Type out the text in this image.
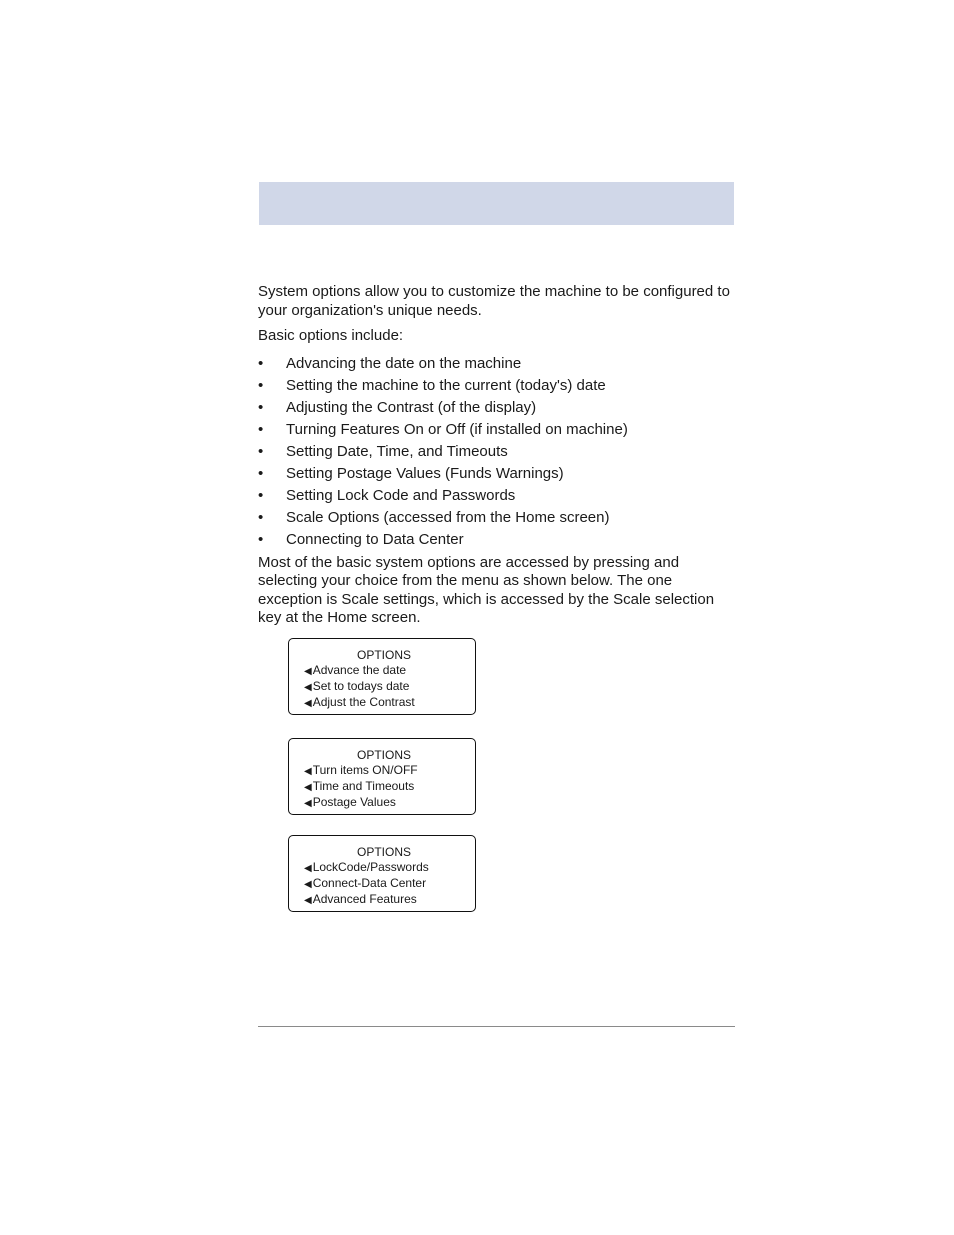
System options allow you to customize the machine to be configured to your organization's unique needs.

Basic options include:

• Advancing the date on the machine
• Setting the machine to the current (today's) date
• Adjusting the Contrast (of the display)
• Turning Features On or Off (if installed on machine)
• Setting Date, Time, and Timeouts
• Setting Postage Values (Funds Warnings)
• Setting Lock Code and Passwords
• Scale Options (accessed from the Home screen)
• Connecting to Data Center

Most of the basic system options are accessed by pressing and selecting your choice from the menu as shown below. The one exception is Scale settings, which is accessed by the Scale selection key at the Home screen.

OPTIONS
◀Advance the date
◀Set to todays date
◀Adjust the Contrast
OPTIONS
◀Turn items ON/OFF
◀Time and Timeouts
◀Postage Values
OPTIONS
◀LockCode/Passwords
◀Connect-Data Center
◀Advanced Features
